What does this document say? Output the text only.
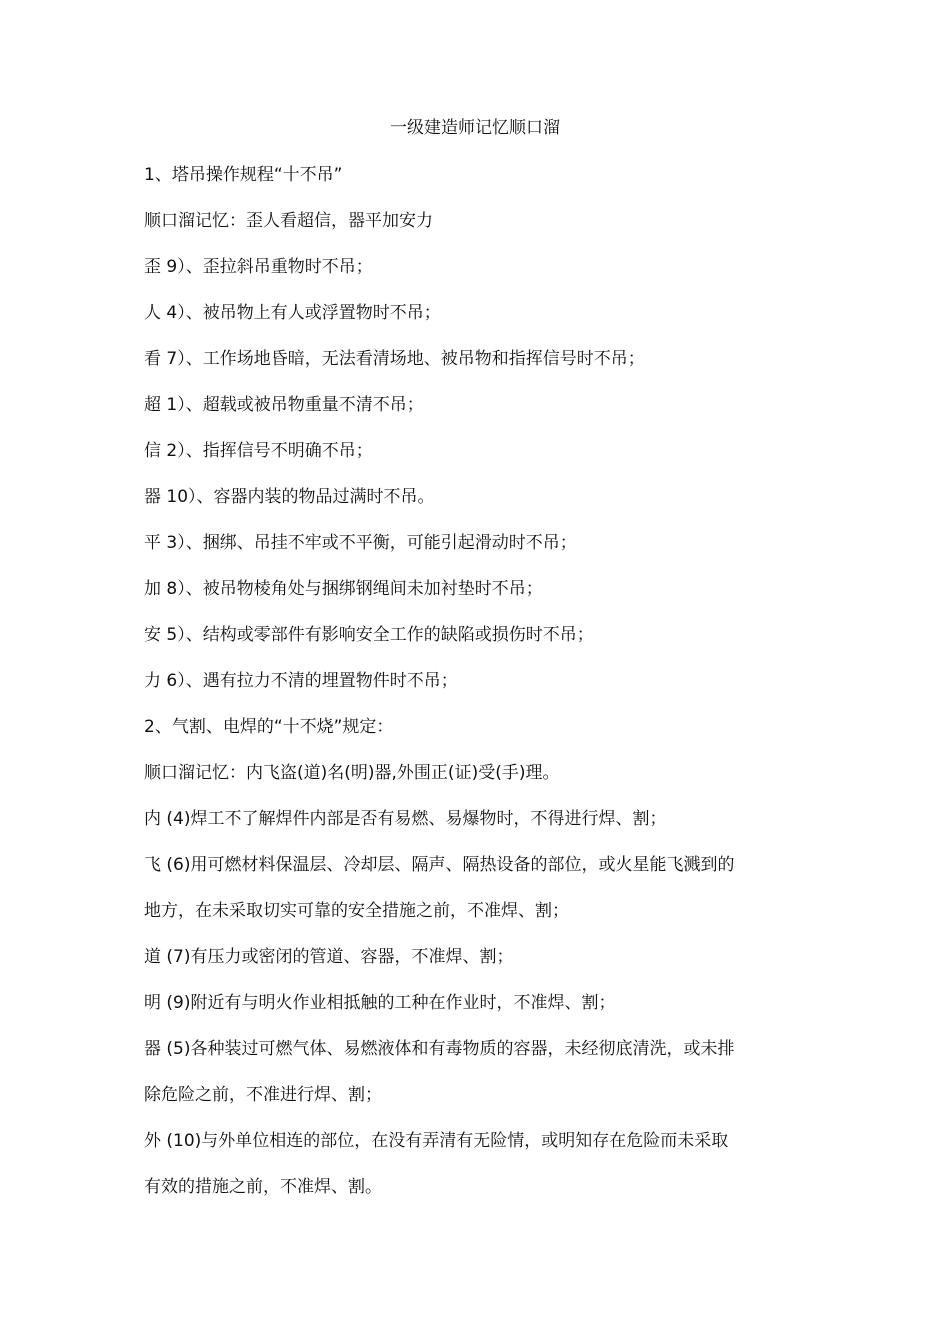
一级建造师记忆顺口溜
1、塔吊操作规程“十不吊”
顺口溜记忆：歪人看超信，器平加安力
歪 9）、歪拉斜吊重物时不吊；
人 4）、被吊物上有人或浮置物时不吊；
看 7）、工作场地昏暗，无法看清场地、被吊物和指挥信号时不吊；
超 1）、超载或被吊物重量不清不吊；
信 2）、指挥信号不明确不吊；
器 10）、容器内装的物品过满时不吊。
平 3）、捆绑、吊挂不牢或不平衡，可能引起滑动时不吊；
加 8）、被吊物棱角处与捆绑钢绳间未加衬垫时不吊；
安 5）、结构或零部件有影响安全工作的缺陷或损伤时不吊；
力 6）、遇有拉力不清的埋置物件时不吊；
2、气割、电焊的“十不烧”规定：
顺口溜记忆：内飞盗(道)名(明)器,外围正(证)受(手)理。
内 (4)焊工不了解焊件内部是否有易燃、易爆物时，不得进行焊、割；
飞 (6)用可燃材料保温层、冷却层、隔声、隔热设备的部位，或火星能飞溅到的
地方，在未采取切实可靠的安全措施之前，不准焊、割；
道 (7)有压力或密闭的管道、容器，不准焊、割；
明 (9)附近有与明火作业相抵触的工种在作业时，不准焊、割；
器 (5)各种装过可燃气体、易燃液体和有毒物质的容器，未经彻底清洗，或未排
除危险之前，不准进行焊、割；
外 (10)与外单位相连的部位，在没有弄清有无险情，或明知存在危险而未采取
有效的措施之前，不准焊、割。
